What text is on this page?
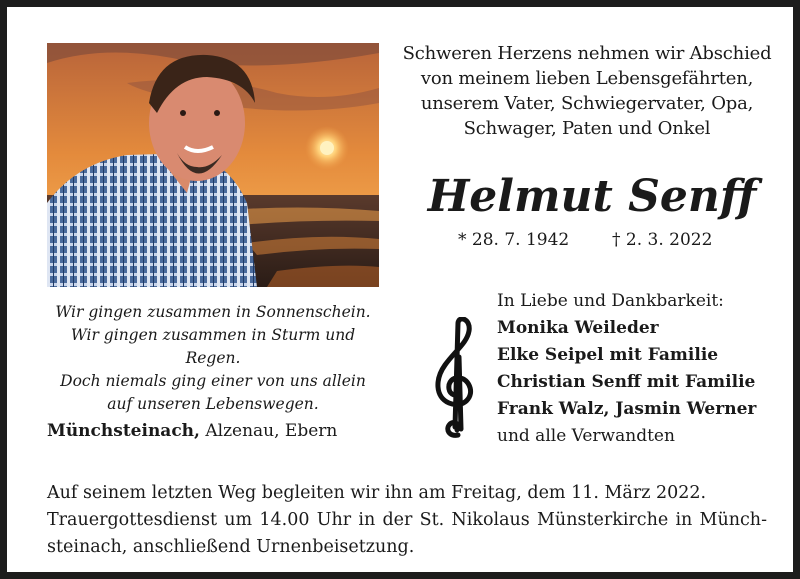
Schweren Herzens nehmen wir Abschied
von meinem lieben Lebensgefährten,
unserem Vater, Schwiegervater, Opa,
Schwager, Paten und Onkel
Helmut Senff
* 28. 7. 1942	† 2. 3. 2022
Wir gingen zusammen in Sonnenschein.
Wir gingen zusammen in Sturm und Regen.
Doch niemals ging einer von uns allein
auf unseren Lebenswegen.
Münchsteinach, Alzenau, Ebern
In Liebe und Dankbarkeit:
Monika Weileder
Elke Seipel mit Familie
Christian Senff mit Familie
Frank Walz, Jasmin Werner
und alle Verwandten
Auf seinem letzten Weg begleiten wir ihn am Freitag, dem 11. März 2022.
Trauergottesdienst um 14.00 Uhr in der St. Nikolaus Münsterkirche in Münch-
steinach, anschließend Urnenbeisetzung.
